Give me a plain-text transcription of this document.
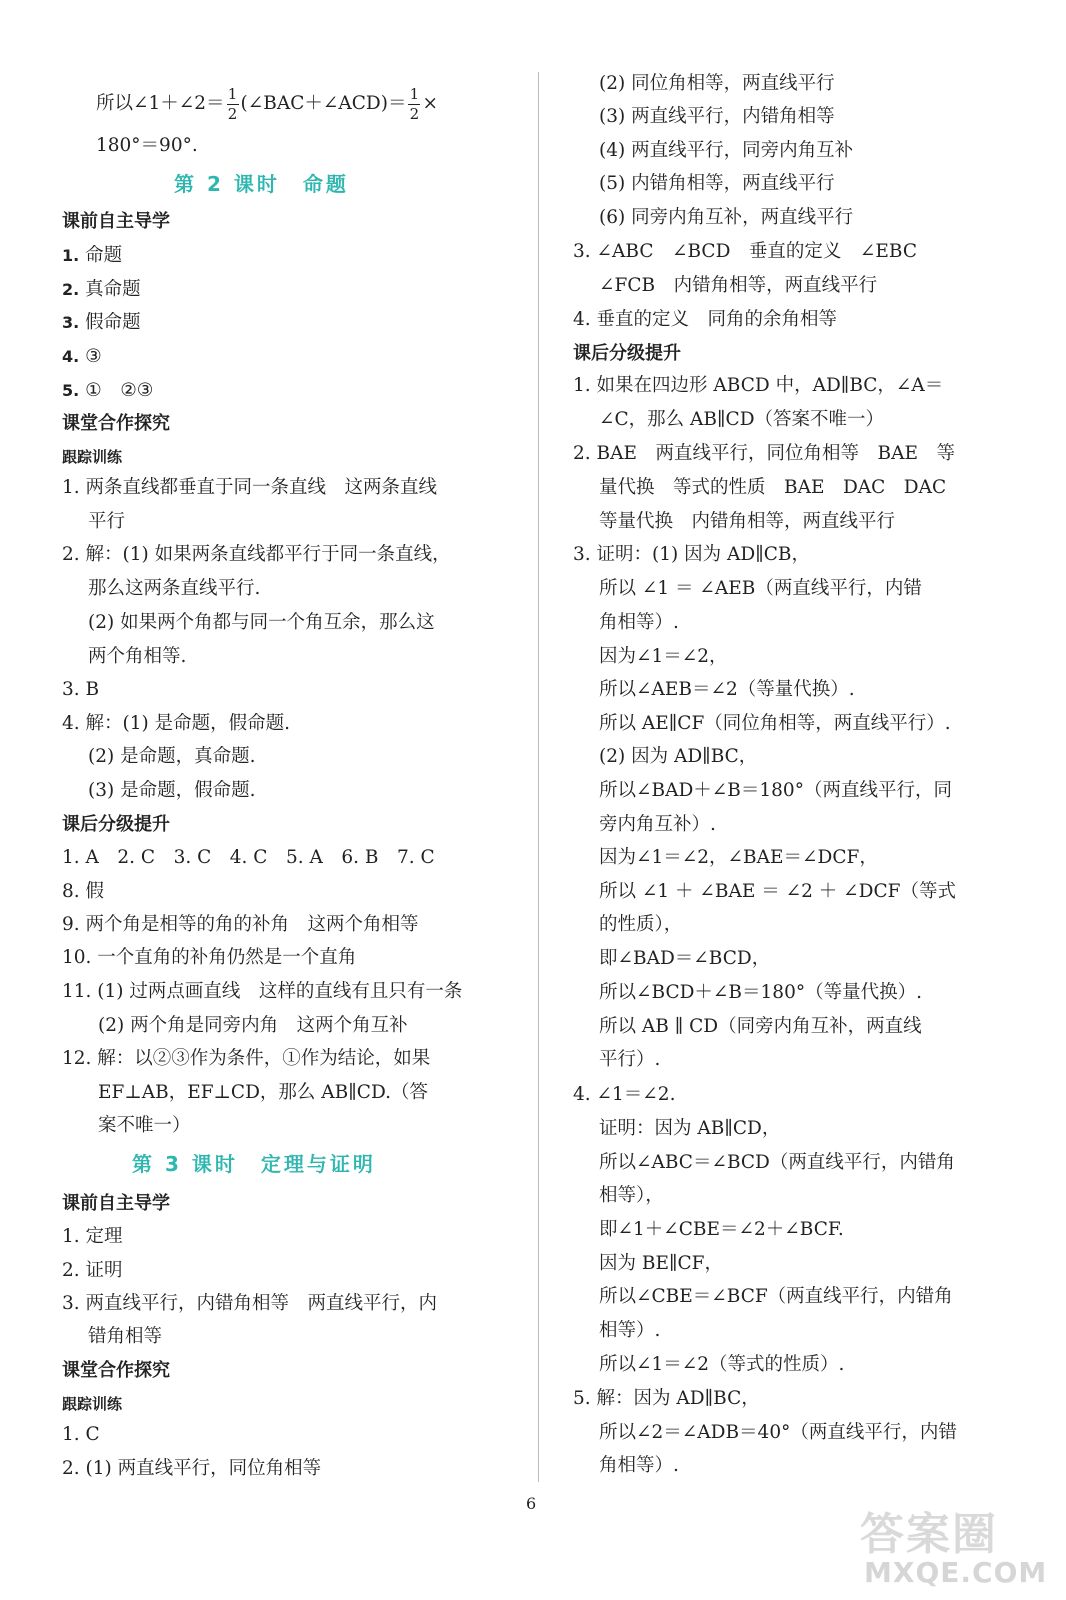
所以∠1＋∠2＝ $\frac{1}{2}$ (∠BAC＋∠ACD)＝ $\frac{1}{2}$ ×
180°＝90°.
第 2 课时　命题
课前自主导学
1. 命题
2. 真命题
3. 假命题
4. ③
5. ①　②③
课堂合作探究
跟踪训练
1. 两条直线都垂直于同一条直线　这两条直线
平行
2. 解：(1) 如果两条直线都平行于同一条直线，
那么这两条直线平行.
(2) 如果两个角都与同一个角互余，那么这
两个角相等.
3. B
4. 解：(1) 是命题，假命题.
(2) 是命题，真命题.
(3) 是命题，假命题.
课后分级提升
1. A　2. C　3. C　4. C　5. A　6. B　7. C
8. 假
9. 两个角是相等的角的补角　这两个角相等
10. 一个直角的补角仍然是一个直角
11. (1) 过两点画直线　这样的直线有且只有一条
(2) 两个角是同旁内角　这两个角互补
12. 解：以②③作为条件，①作为结论，如果
EF⊥AB，EF⊥CD，那么 AB∥CD.（答
案不唯一）
第 3 课时　定理与证明
课前自主导学
1. 定理
2. 证明
3. 两直线平行，内错角相等　两直线平行，内
错角相等
课堂合作探究
跟踪训练
1. C
2. (1) 两直线平行，同位角相等
(2) 同位角相等，两直线平行
(3) 两直线平行，内错角相等
(4) 两直线平行，同旁内角互补
(5) 内错角相等，两直线平行
(6) 同旁内角互补，两直线平行
3. ∠ABC　∠BCD　垂直的定义　∠EBC
∠FCB　内错角相等，两直线平行
4. 垂直的定义　同角的余角相等
课后分级提升
1. 如果在四边形 ABCD 中，AD∥BC，∠A＝
∠C，那么 AB∥CD（答案不唯一）
2. BAE　两直线平行，同位角相等　BAE　等
量代换　等式的性质　BAE　DAC　DAC
等量代换　内错角相等，两直线平行
3. 证明：(1) 因为 AD∥CB，
所以 ∠1 ＝ ∠AEB（两直线平行，内错
角相等）.
因为∠1＝∠2，
所以∠AEB＝∠2（等量代换）.
所以 AE∥CF（同位角相等，两直线平行）.
(2) 因为 AD∥BC，
所以∠BAD＋∠B＝180°（两直线平行，同
旁内角互补）.
因为∠1＝∠2，∠BAE＝∠DCF，
所以 ∠1 ＋ ∠BAE ＝ ∠2 ＋ ∠DCF（等式
的性质），
即∠BAD＝∠BCD，
所以∠BCD＋∠B＝180°（等量代换）.
所以 AB ∥ CD（同旁内角互补，两直线
平行）.
4. ∠1＝∠2.
证明：因为 AB∥CD，
所以∠ABC＝∠BCD（两直线平行，内错角
相等），
即∠1＋∠CBE＝∠2＋∠BCF.
因为 BE∥CF，
所以∠CBE＝∠BCF（两直线平行，内错角
相等）.
所以∠1＝∠2（等式的性质）.
5. 解：因为 AD∥BC，
所以∠2＝∠ADB＝40°（两直线平行，内错
角相等）.
6
答案圈
MXQE.COM
